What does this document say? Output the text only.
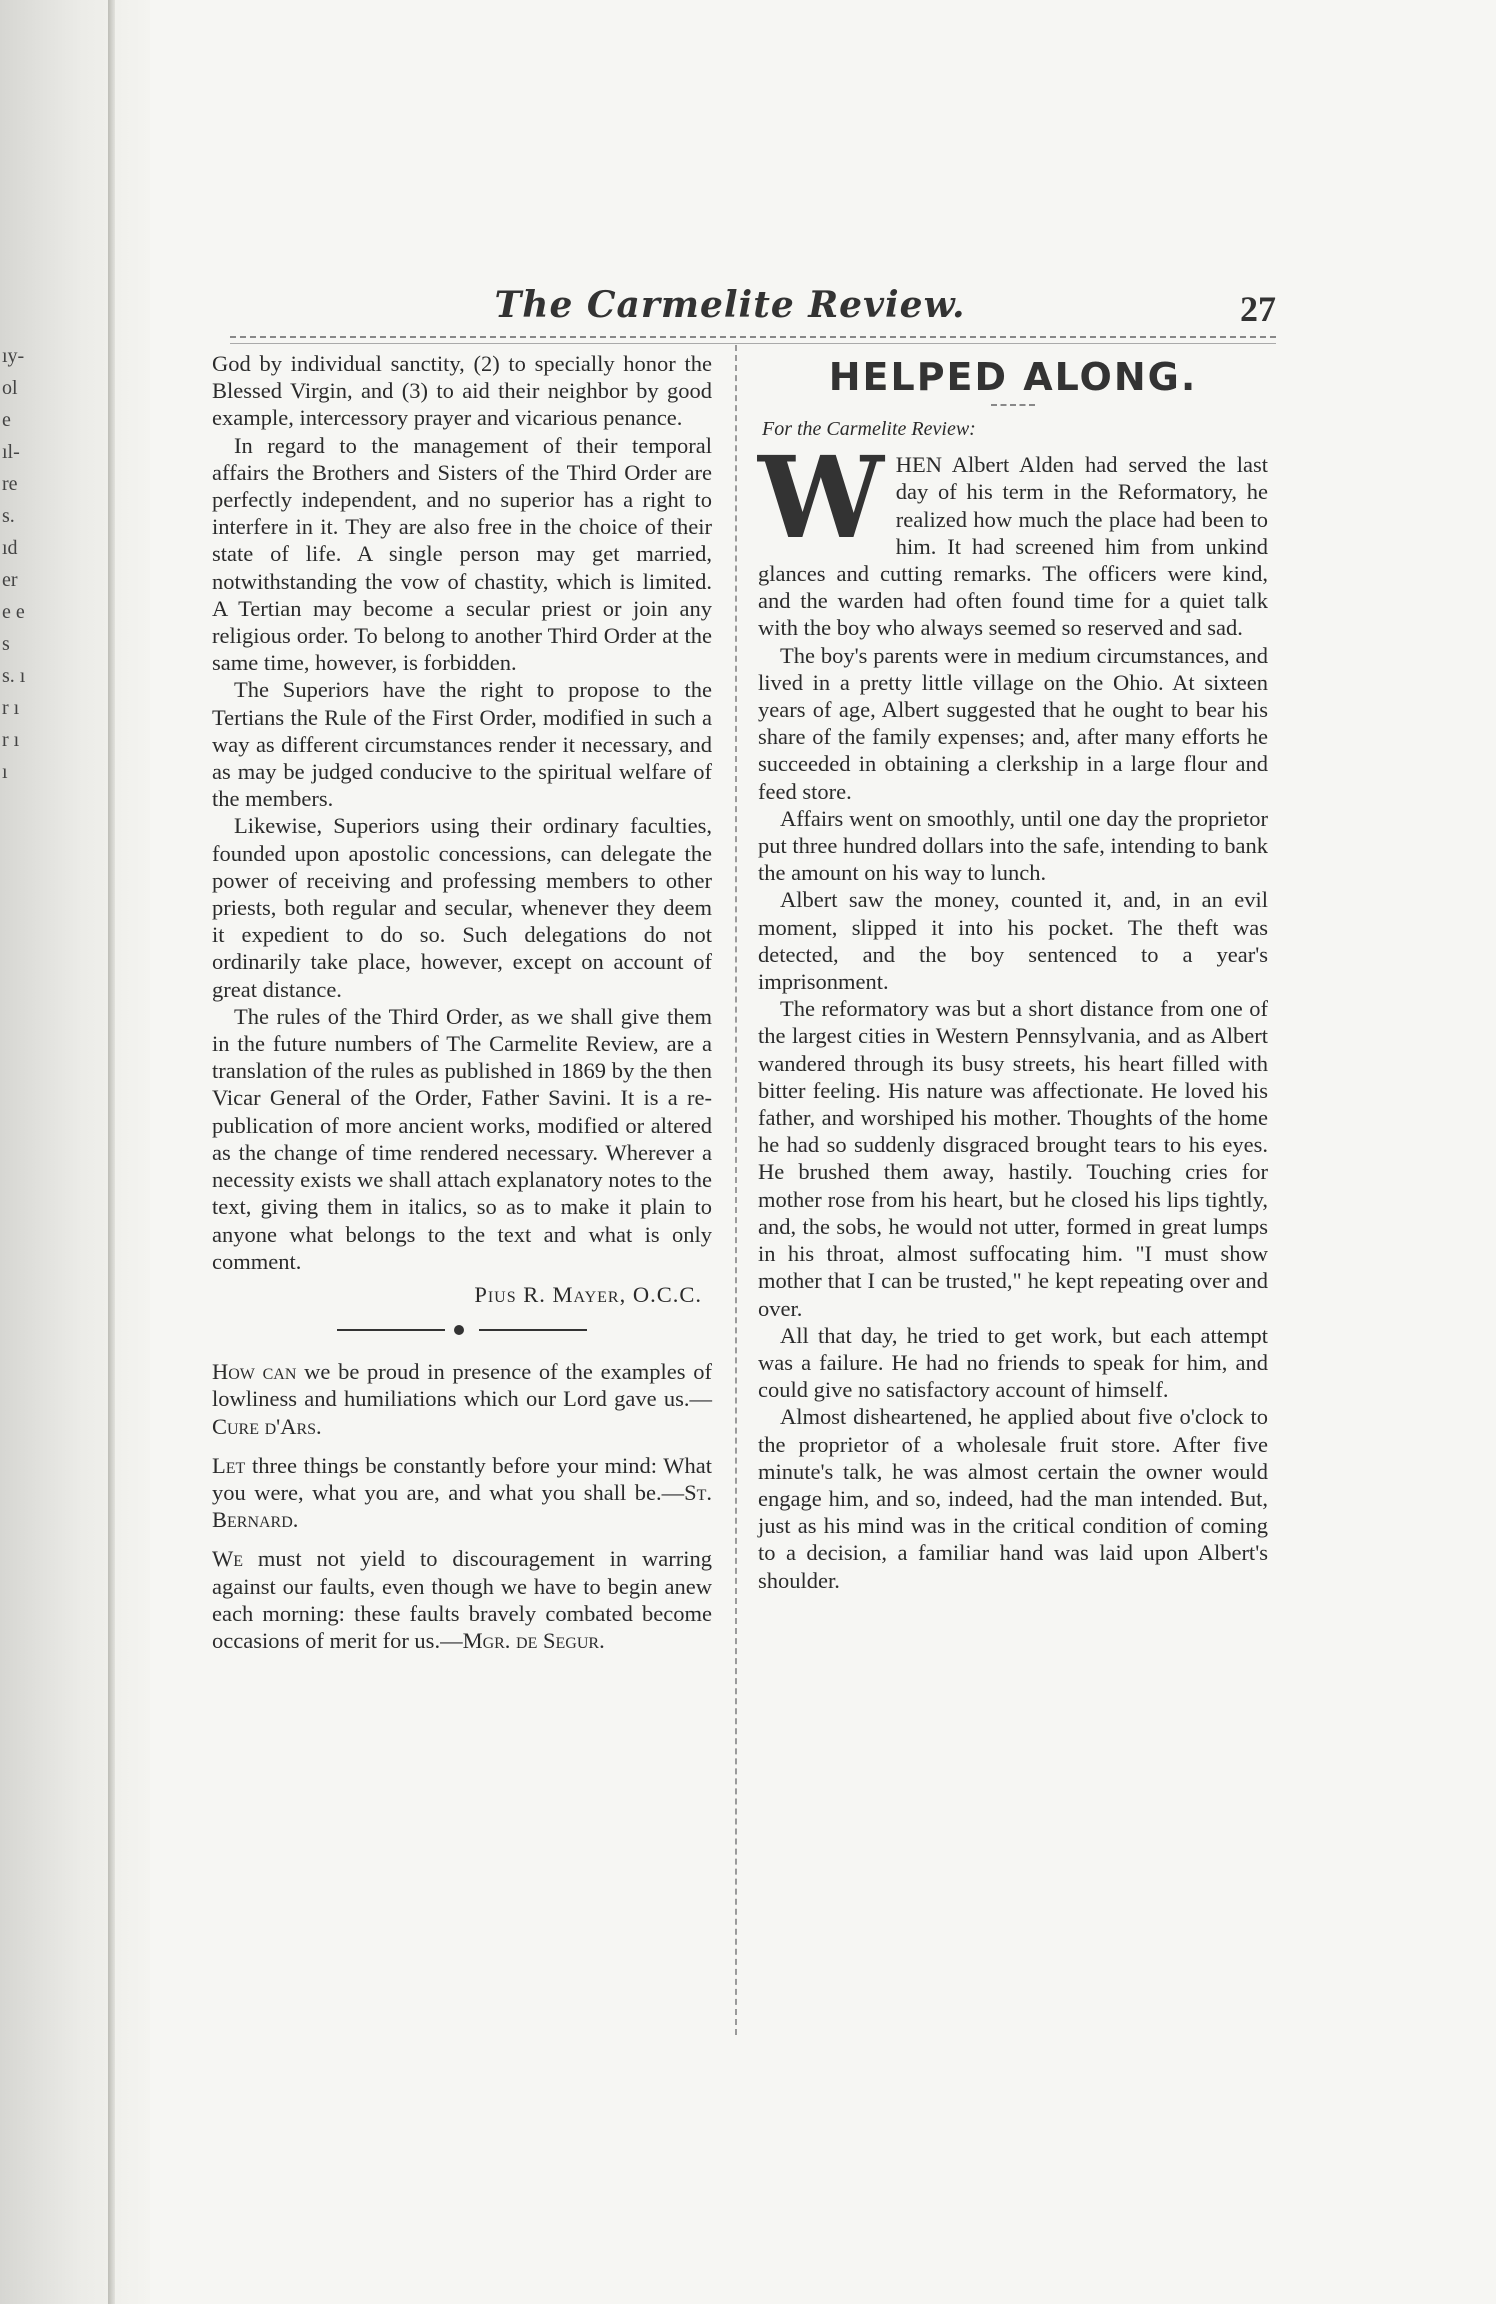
ıy- ole ıl- re s. ıd er e e s s. ı r ı r ı ı
The Carmelite Review.	27

God by individual sanctity, (2) to specially honor the Blessed Virgin, and (3) to aid their neighbor by good example, intercessory prayer and vicarious penance.

In regard to the management of their temporal affairs the Brothers and Sisters of the Third Order are perfectly independent, and no superior has a right to interfere in it. They are also free in the choice of their state of life. A single person may get married, notwithstanding the vow of chastity, which is limited. A Tertian may become a secular priest or join any religious order. To belong to another Third Order at the same time, however, is forbidden.

The Superiors have the right to propose to the Tertians the Rule of the First Order, modified in such a way as different circumstances render it necessary, and as may be judged conducive to the spiritual welfare of the members.

Likewise, Superiors using their ordinary faculties, founded upon apostolic concessions, can delegate the power of receiving and professing members to other priests, both regular and secular, whenever they deem it expedient to do so. Such delegations do not ordinarily take place, however, except on account of great distance.

The rules of the Third Order, as we shall give them in the future numbers of The Carmelite Review, are a translation of the rules as published in 1869 by the then Vicar General of the Order, Father Savini. It is a re-publication of more ancient works, modified or altered as the change of time rendered necessary. Wherever a necessity exists we shall attach explanatory notes to the text, giving them in italics, so as to make it plain to anyone what belongs to the text and what is only comment.

Pius R. Mayer, O.C.C.

How can we be proud in presence of the examples of lowliness and humiliations which our Lord gave us.—Cure d'Ars.

Let three things be constantly before your mind: What you were, what you are, and what you shall be.—St. Bernard.

We must not yield to discouragement in warring against our faults, even though we have to begin anew each morning: these faults bravely combated become occasions of merit for us.—Mgr. de Segur.

HELPED ALONG.

For the Carmelite Review:

WHEN Albert Alden had served the last day of his term in the Reformatory, he realized how much the place had been to him. It had screened him from unkind glances and cutting remarks. The officers were kind, and the warden had often found time for a quiet talk with the boy who always seemed so reserved and sad.

The boy's parents were in medium circumstances, and lived in a pretty little village on the Ohio. At sixteen years of age, Albert suggested that he ought to bear his share of the family expenses; and, after many efforts he succeeded in obtaining a clerkship in a large flour and feed store.

Affairs went on smoothly, until one day the proprietor put three hundred dollars into the safe, intending to bank the amount on his way to lunch.

Albert saw the money, counted it, and, in an evil moment, slipped it into his pocket. The theft was detected, and the boy sentenced to a year's imprisonment.

The reformatory was but a short distance from one of the largest cities in Western Pennsylvania, and as Albert wandered through its busy streets, his heart filled with bitter feeling. His nature was affectionate. He loved his father, and worshiped his mother. Thoughts of the home he had so suddenly disgraced brought tears to his eyes. He brushed them away, hastily. Touching cries for mother rose from his heart, but he closed his lips tightly, and, the sobs, he would not utter, formed in great lumps in his throat, almost suffocating him. "I must show mother that I can be trusted," he kept repeating over and over.

All that day, he tried to get work, but each attempt was a failure. He had no friends to speak for him, and could give no satisfactory account of himself.

Almost disheartened, he applied about five o'clock to the proprietor of a wholesale fruit store. After five minute's talk, he was almost certain the owner would engage him, and so, indeed, had the man intended. But, just as his mind was in the critical condition of coming to a decision, a familiar hand was laid upon Albert's shoulder.
